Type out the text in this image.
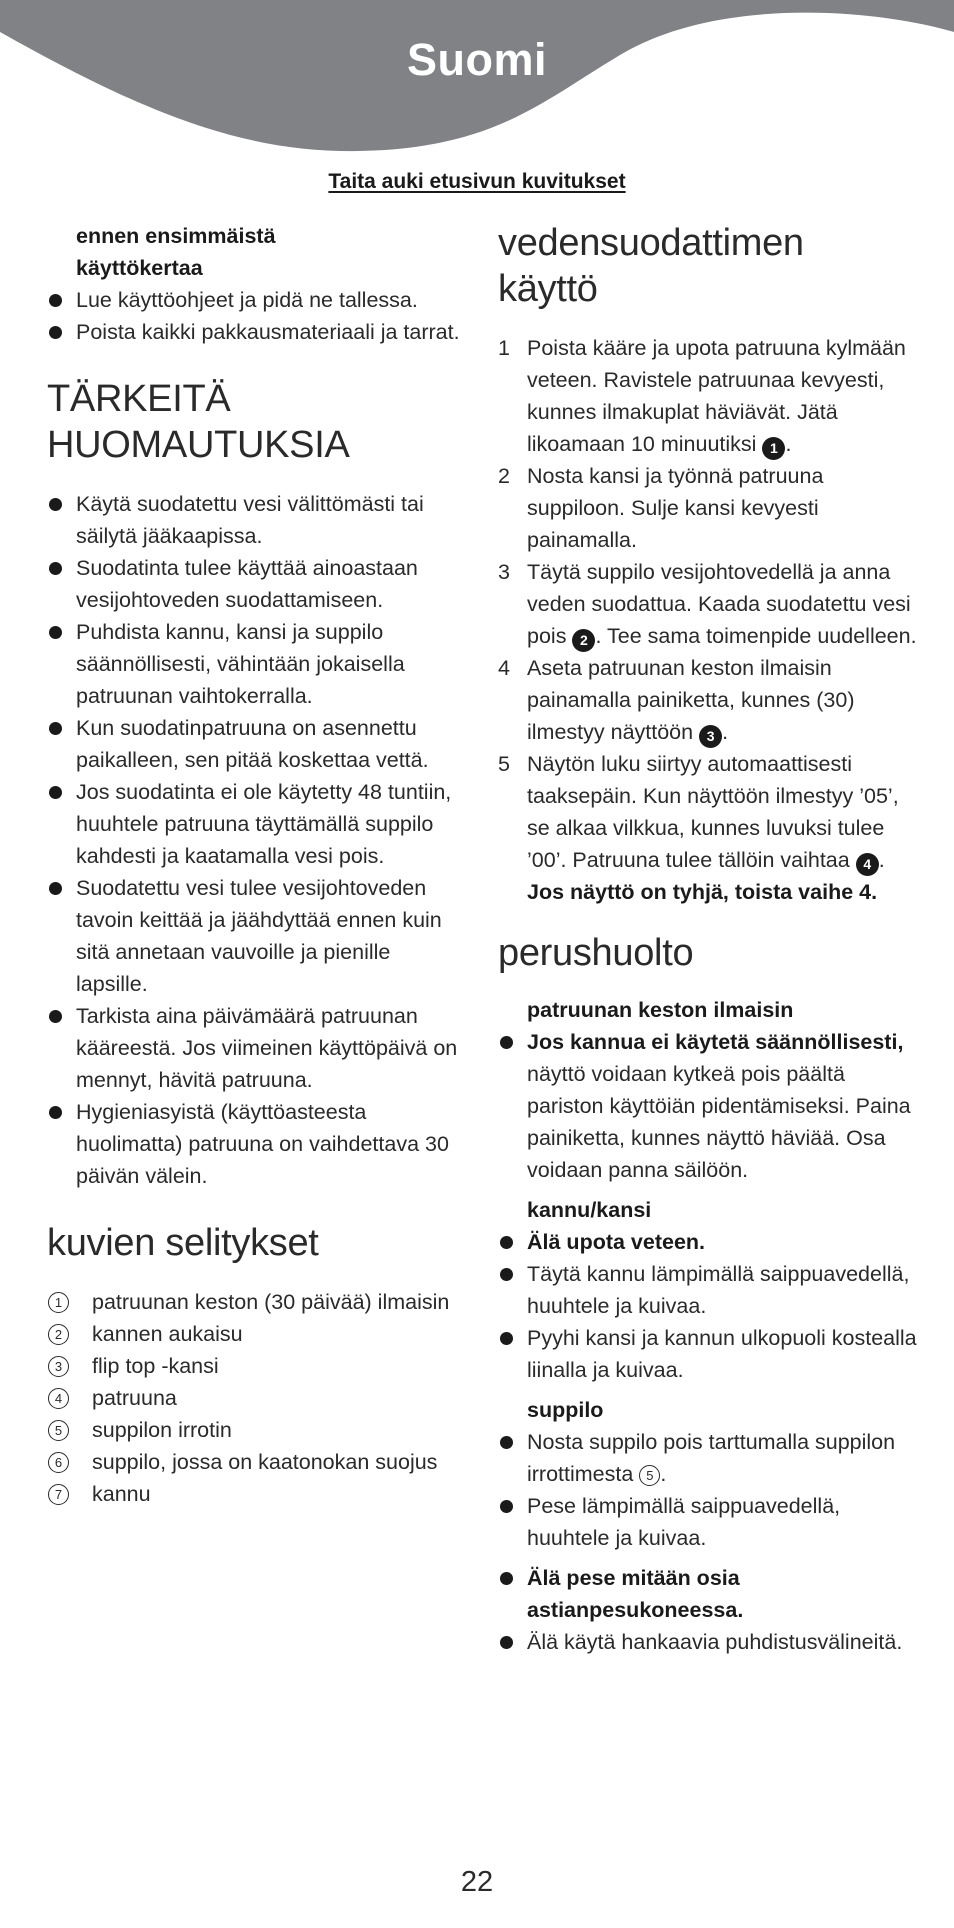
Suomi
Taita auki etusivun kuvitukset
ennen ensimmäistä
käyttökertaa
Lue käyttöohjeet ja pidä ne tallessa.
Poista kaikki pakkausmateriaali ja tarrat.
TÄRKEITÄ
HUOMAUTUKSIA
Käytä suodatettu vesi välittömästi tai säilytä jääkaapissa.
Suodatinta tulee käyttää ainoastaan vesijohtoveden suodattamiseen.
Puhdista kannu, kansi ja suppilo säännöllisesti, vähintään jokaisella patruunan vaihtokerralla.
Kun suodatinpatruuna on asennettu paikalleen, sen pitää koskettaa vettä.
Jos suodatinta ei ole käytetty 48 tuntiin, huuhtele patruuna täyttämällä suppilo kahdesti ja kaatamalla vesi pois.
Suodatettu vesi tulee vesijohtoveden tavoin keittää ja jäähdyttää ennen kuin sitä annetaan vauvoille ja pienille lapsille.
Tarkista aina päivämäärä patruunan kääreestä. Jos viimeinen käyttöpäivä on mennyt, hävitä patruuna.
Hygieniasyistä (käyttöasteesta huolimatta) patruuna on vaihdettava 30 päivän välein.
kuvien selitykset
1	patruunan keston (30 päivää) ilmaisin
2	kannen aukaisu
3	flip top -kansi
4	patruuna
5	suppilon irrotin
6	suppilo, jossa on kaatonokan suojus
7	kannu
vedensuodattimen
käyttö
1 Poista kääre ja upota patruuna kylmään veteen. Ravistele patruunaa kevyesti, kunnes ilmakuplat häviävät. Jätä likoamaan 10 minuutiksi 1 .
2 Nosta kansi ja työnnä patruuna suppiloon. Sulje kansi kevyesti painamalla.
3 Täytä suppilo vesijohtovedellä ja anna veden suodattua. Kaada suodatettu vesi pois 2 . Tee sama toimenpide uudelleen.
4 Aseta patruunan keston ilmaisin painamalla painiketta, kunnes (30) ilmestyy näyttöön 3 .
5 Näytön luku siirtyy automaattisesti taaksepäin. Kun näyttöön ilmestyy ’05’, se alkaa vilkkua, kunnes luvuksi tulee ’00’. Patruuna tulee tällöin vaihtaa 4 . Jos näyttö on tyhjä, toista vaihe 4.
perushuolto
patruunan keston ilmaisin
Jos kannua ei käytetä säännöllisesti, näyttö voidaan kytkeä pois päältä pariston käyttöiän pidentämiseksi. Paina painiketta, kunnes näyttö häviää. Osa voidaan panna säilöön.
kannu/kansi
Älä upota veteen.
Täytä kannu lämpimällä saippuavedellä, huuhtele ja kuivaa.
Pyyhi kansi ja kannun ulkopuoli kostealla liinalla ja kuivaa.
suppilo
Nosta suppilo pois tarttumalla suppilon irrottimesta 5 .
Pese lämpimällä saippuavedellä, huuhtele ja kuivaa.
Älä pese mitään osia astianpesukoneessa.
Älä käytä hankaavia puhdistusvälineitä.
22
